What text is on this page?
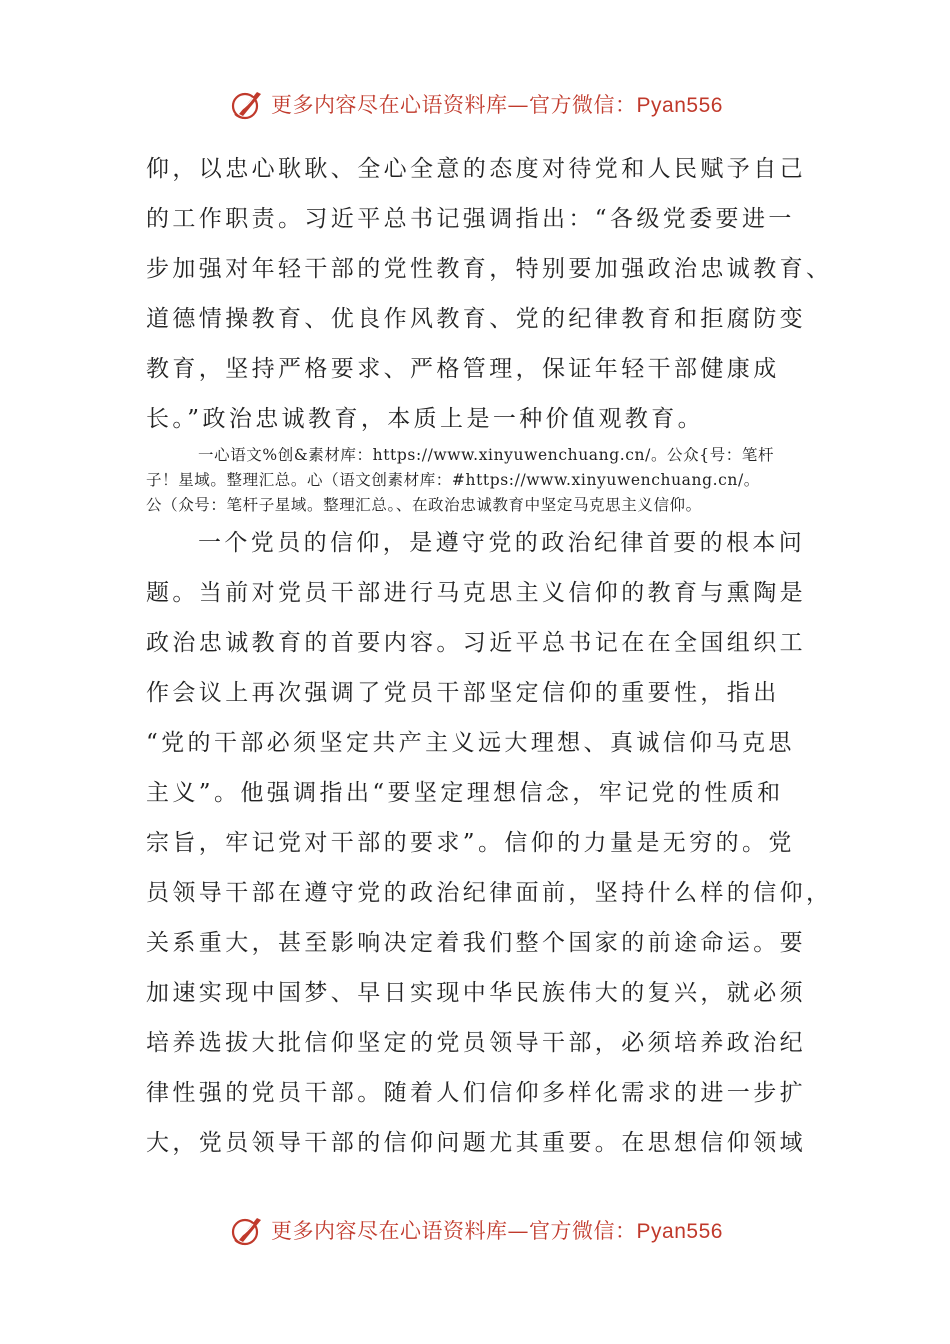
更多内容尽在心语资料库—官方微信：Pyan556
仰，以忠心耿耿、全心全意的态度对待党和人民赋予自己
的工作职责。习近平总书记强调指出：“各级党委要进一
步加强对年轻干部的党性教育，特别要加强政治忠诚教育、
道德情操教育、优良作风教育、党的纪律教育和拒腐防变
教育，坚持严格要求、严格管理，保证年轻干部健康成
长。”政治忠诚教育，本质上是一种价值观教育。
一心语文%创&素材库：https://www.xinyuwenchuang.cn/。公众{号：笔杆
子！星域。整理汇总。心（语文创素材库：#https://www.xinyuwenchuang.cn/。
公（众号：笔杆子星域。整理汇总。、在政治忠诚教育中坚定马克思主义信仰。
一个党员的信仰，是遵守党的政治纪律首要的根本问
题。当前对党员干部进行马克思主义信仰的教育与熏陶是
政治忠诚教育的首要内容。习近平总书记在在全国组织工
作会议上再次强调了党员干部坚定信仰的重要性，指出
“党的干部必须坚定共产主义远大理想、真诚信仰马克思
主义”。他强调指出“要坚定理想信念，牢记党的性质和
宗旨，牢记党对干部的要求”。信仰的力量是无穷的。党
员领导干部在遵守党的政治纪律面前，坚持什么样的信仰，
关系重大，甚至影响决定着我们整个国家的前途命运。要
加速实现中国梦、早日实现中华民族伟大的复兴，就必须
培养选拔大批信仰坚定的党员领导干部，必须培养政治纪
律性强的党员干部。随着人们信仰多样化需求的进一步扩
大，党员领导干部的信仰问题尤其重要。在思想信仰领域
更多内容尽在心语资料库—官方微信：Pyan556
